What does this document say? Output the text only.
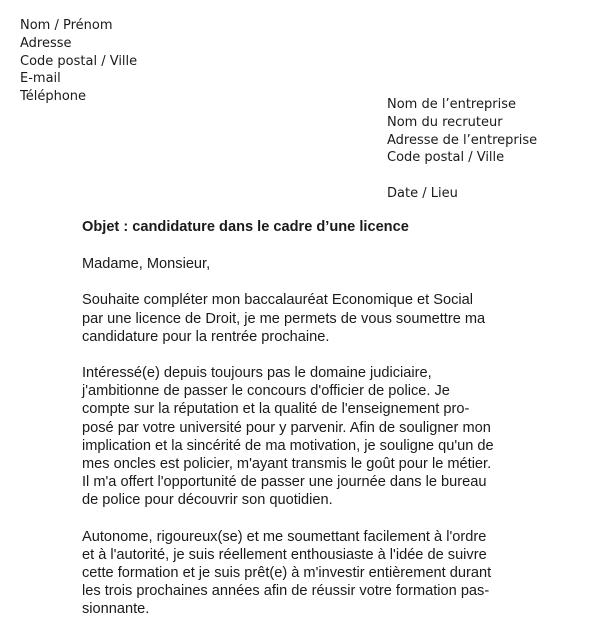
Nom / Prénom
Adresse
Code postal / Ville
E-mail
Téléphone
Nom de l’entreprise
Nom du recruteur
Adresse de l’entreprise
Code postal / Ville
Date / Lieu
Objet : candidature dans le cadre d’une licence
Madame, Monsieur,
Souhaite compléter mon baccalauréat Economique et Social
par une licence de Droit, je me permets de vous soumettre ma
candidature pour la rentrée prochaine.
Intéressé(e) depuis toujours pas le domaine judiciaire,
j'ambitionne de passer le concours d'officier de police. Je
compte sur la réputation et la qualité de l'enseignement pro-
posé par votre université pour y parvenir. Afin de souligner mon
implication et la sincérité de ma motivation, je souligne qu'un de
mes oncles est policier, m'ayant transmis le goût pour le métier.
Il m'a offert l'opportunité de passer une journée dans le bureau
de police pour découvrir son quotidien.
Autonome, rigoureux(se) et me soumettant facilement à l'ordre
et à l'autorité, je suis réellement enthousiaste à l'idée de suivre
cette formation et je suis prêt(e) à m'investir entièrement durant
les trois prochaines années afin de réussir votre formation pas-
sionnante.
